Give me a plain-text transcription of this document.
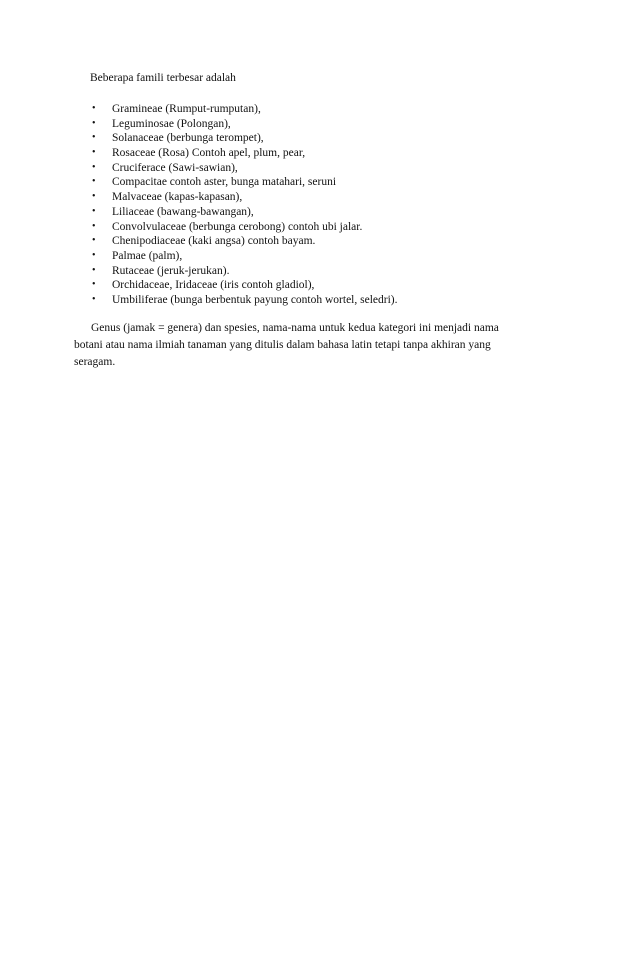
Beberapa famili terbesar adalah

• Gramineae (Rumput-rumputan),
• Leguminosae (Polongan),
• Solanaceae (berbunga terompet),
• Rosaceae (Rosa) Contoh apel, plum, pear,
• Cruciferace (Sawi-sawian),
• Compacitae contoh aster, bunga matahari, seruni
• Malvaceae (kapas-kapasan),
• Liliaceae (bawang-bawangan),
• Convolvulaceae (berbunga cerobong) contoh ubi jalar.
• Chenipodiaceae (kaki angsa) contoh bayam.
• Palmae (palm),
• Rutaceae (jeruk-jerukan).
• Orchidaceae, Iridaceae (iris contoh gladiol),
• Umbiliferae (bunga berbentuk payung contoh wortel, seledri).

Genus (jamak = genera) dan spesies, nama-nama untuk kedua kategori ini menjadi nama
botani atau nama ilmiah tanaman yang ditulis dalam bahasa latin tetapi tanpa akhiran yang
seragam.
